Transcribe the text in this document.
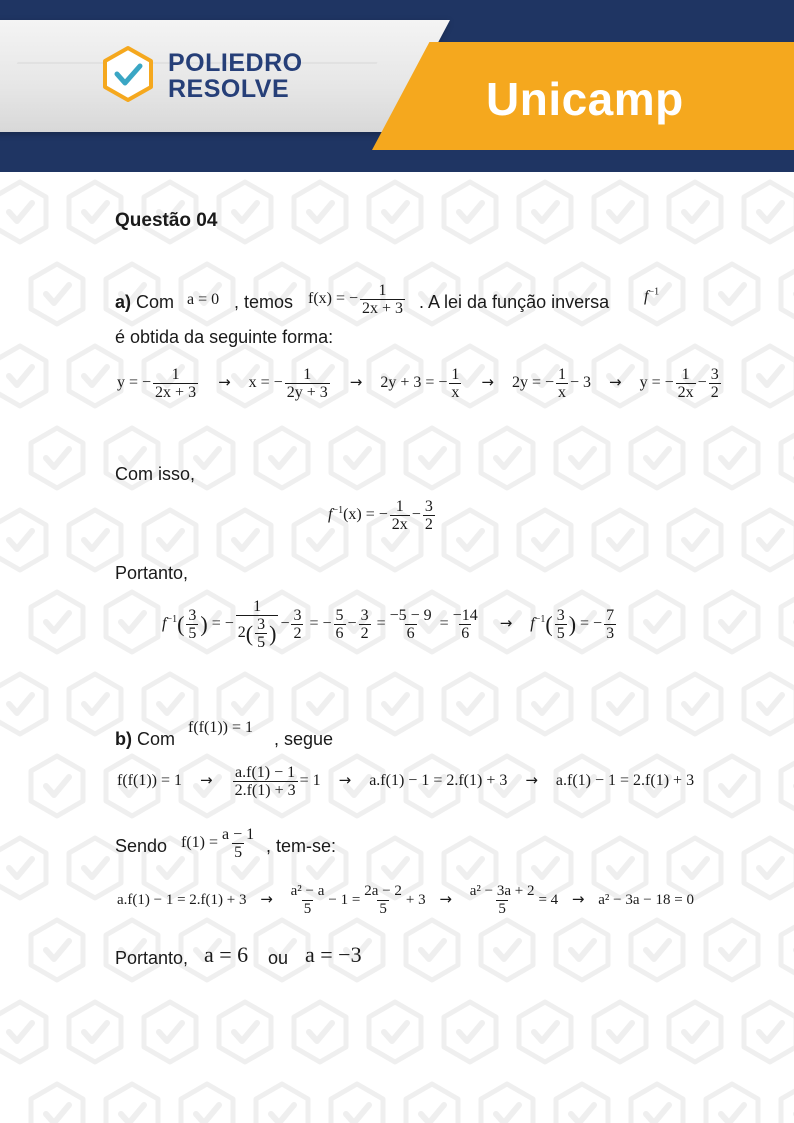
POLIEDRO
RESOLVE	Unicamp
Questão 04
a) Com a = 0 , temos f(x) = − $\frac{1}{2x + 3}$ . A lei da função inversa $f^{-1}$
é obtida da seguinte forma:
y = − $\frac{1}{2x + 3} \to x$ = − $\frac{1}{2y + 3} \to 2y + 3$ = − $\frac{1}{x} \to 2y$ = − $\frac{1}{x} - 3 \to y$ = − $\frac{1}{2x} - \frac{3}{2}$
Com isso,
$f^{-1}(x)$ = − $\frac{1}{2x} - \frac{3}{2}$
Portanto,
$f^{-1}( \frac{3}{5}$ ) = − $\frac{1}{2( \frac{3}{5} )} - \frac{3}{2}$ = − $\frac{5}{6} - \frac{3}{2} = \frac{-5 - 9}{6} = \frac{-14}{6} \to f^{-1}( \frac{3}{5}$ ) = − $\frac{7}{3}$
b) Com
f(f(1)) = 1
, segue
$f(f(1)) = 1 \to \frac{a.f(1) - 1}{2.f(1) + 3} = 1 \to a.f(1) - 1 = 2.f(1) + 3 \to a.f(1) - 1 = 2.f(1) + 3$
Sendo $f(1) = \frac{a - 1}{5}$ , tem-se:
$a.f(1) - 1 = 2.f(1) + 3 \to \frac{\text{a² − a}}{5} - 1 = \frac{2a - 2}{5} + 3 \to \frac{\text{a² − 3a + 2}}{5} = 4 \to a^2 - 3a - 18 = 0$
Portanto, a = 6 ou a = −3
